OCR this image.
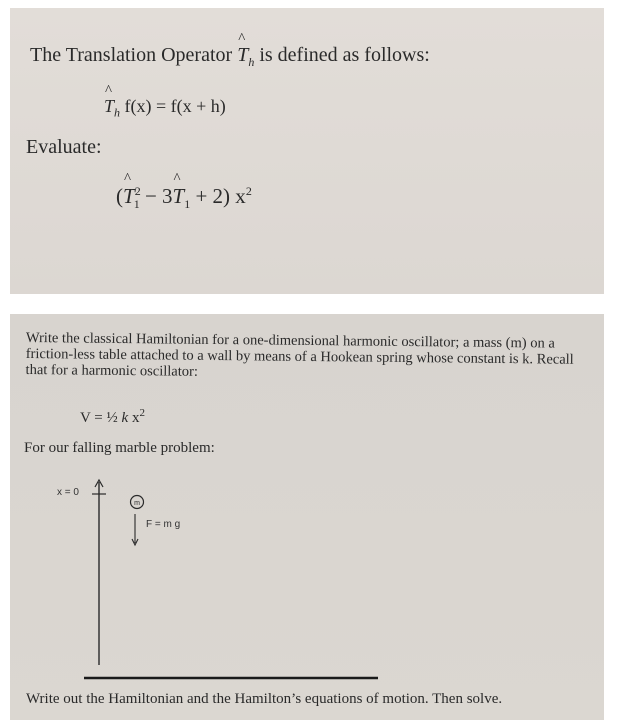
The Translation Operator
^
$T_h$ is defined as follows:
^
$T_h$ f(x) = f(x + h)
Evaluate:
(
^
$T^2_1 - 3$
^
$T_1 + 2$) $x^2$
Write the classical Hamiltonian for a one-dimensional harmonic oscillator; a mass (m) on a friction-less table attached to a wall by means of a Hookean spring whose constant is k. Recall that for a harmonic oscillator:
V = ½ k $x^2$
For our falling marble problem:
m
x = 0
F = m g
Write out the Hamiltonian and the Hamilton’s equations of motion. Then solve.
